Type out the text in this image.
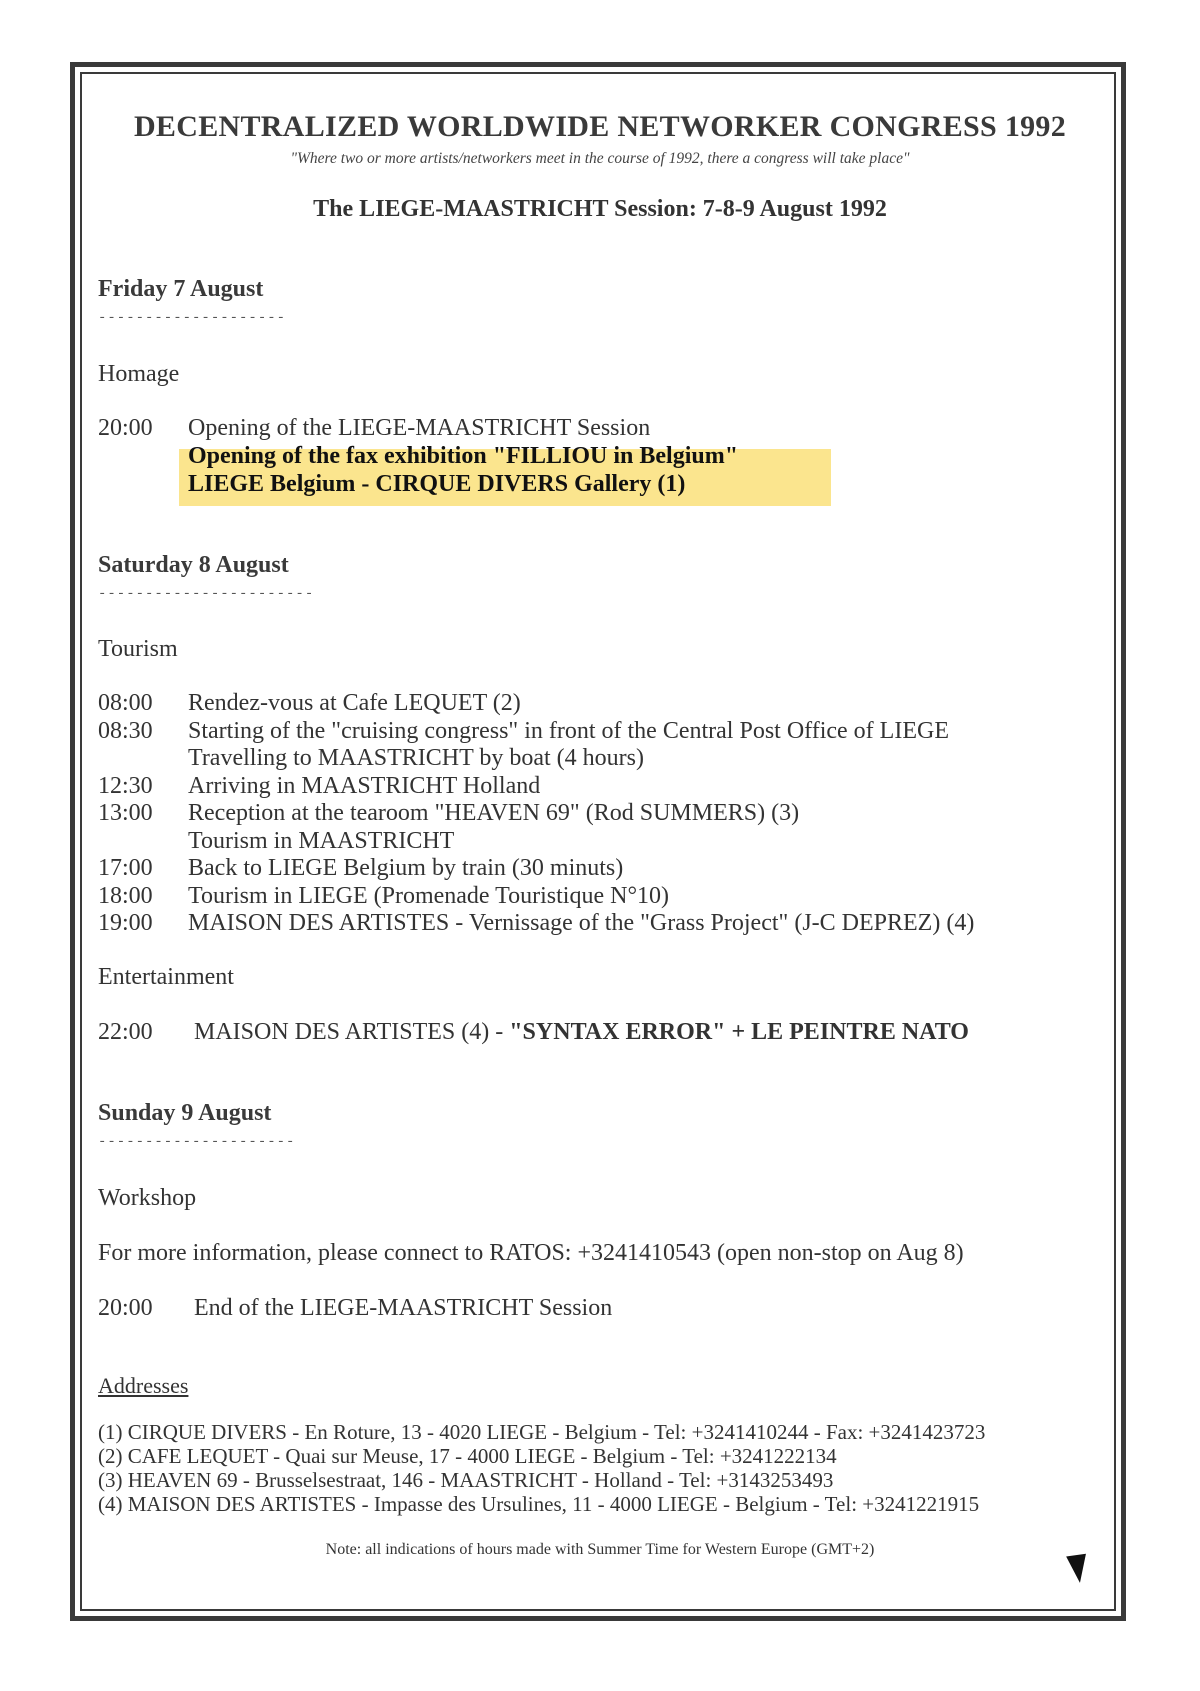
DECENTRALIZED WORLDWIDE NETWORKER CONGRESS 1992
"Where two or more artists/networkers meet in the course of 1992, there a congress will take place"
The LIEGE-MAASTRICHT Session: 7-8-9 August 1992
Friday 7 August
--------------------
Homage
20:00 Opening of the LIEGE-MAASTRICHT Session
Opening of the fax exhibition "FILLIOU in Belgium"
LIEGE Belgium - CIRQUE DIVERS Gallery (1)
Saturday 8 August
-----------------------
Tourism
08:00 Rendez-vous at Cafe LEQUET (2)
08:30 Starting of the "cruising congress" in front of the Central Post Office of LIEGE
Travelling to MAASTRICHT by boat (4 hours)
12:30 Arriving in MAASTRICHT Holland
13:00 Reception at the tearoom "HEAVEN 69" (Rod SUMMERS) (3)
Tourism in MAASTRICHT
17:00 Back to LIEGE Belgium by train (30 minuts)
18:00 Tourism in LIEGE (Promenade Touristique N°10)
19:00 MAISON DES ARTISTES - Vernissage of the "Grass Project" (J-C DEPREZ) (4)
Entertainment
22:00 MAISON DES ARTISTES (4) - "SYNTAX ERROR" + LE PEINTRE NATO
Sunday 9 August
---------------------
Workshop
For more information, please connect to RATOS: +3241410543 (open non-stop on Aug 8)
20:00 End of the LIEGE-MAASTRICHT Session
Addresses
(1) CIRQUE DIVERS - En Roture, 13 - 4020 LIEGE - Belgium - Tel: +3241410244 - Fax: +3241423723
(2) CAFE LEQUET - Quai sur Meuse, 17 - 4000 LIEGE - Belgium - Tel: +3241222134
(3) HEAVEN 69 - Brusselsestraat, 146 - MAASTRICHT - Holland - Tel: +3143253493
(4) MAISON DES ARTISTES - Impasse des Ursulines, 11 - 4000 LIEGE - Belgium - Tel: +3241221915
Note: all indications of hours made with Summer Time for Western Europe (GMT+2)
